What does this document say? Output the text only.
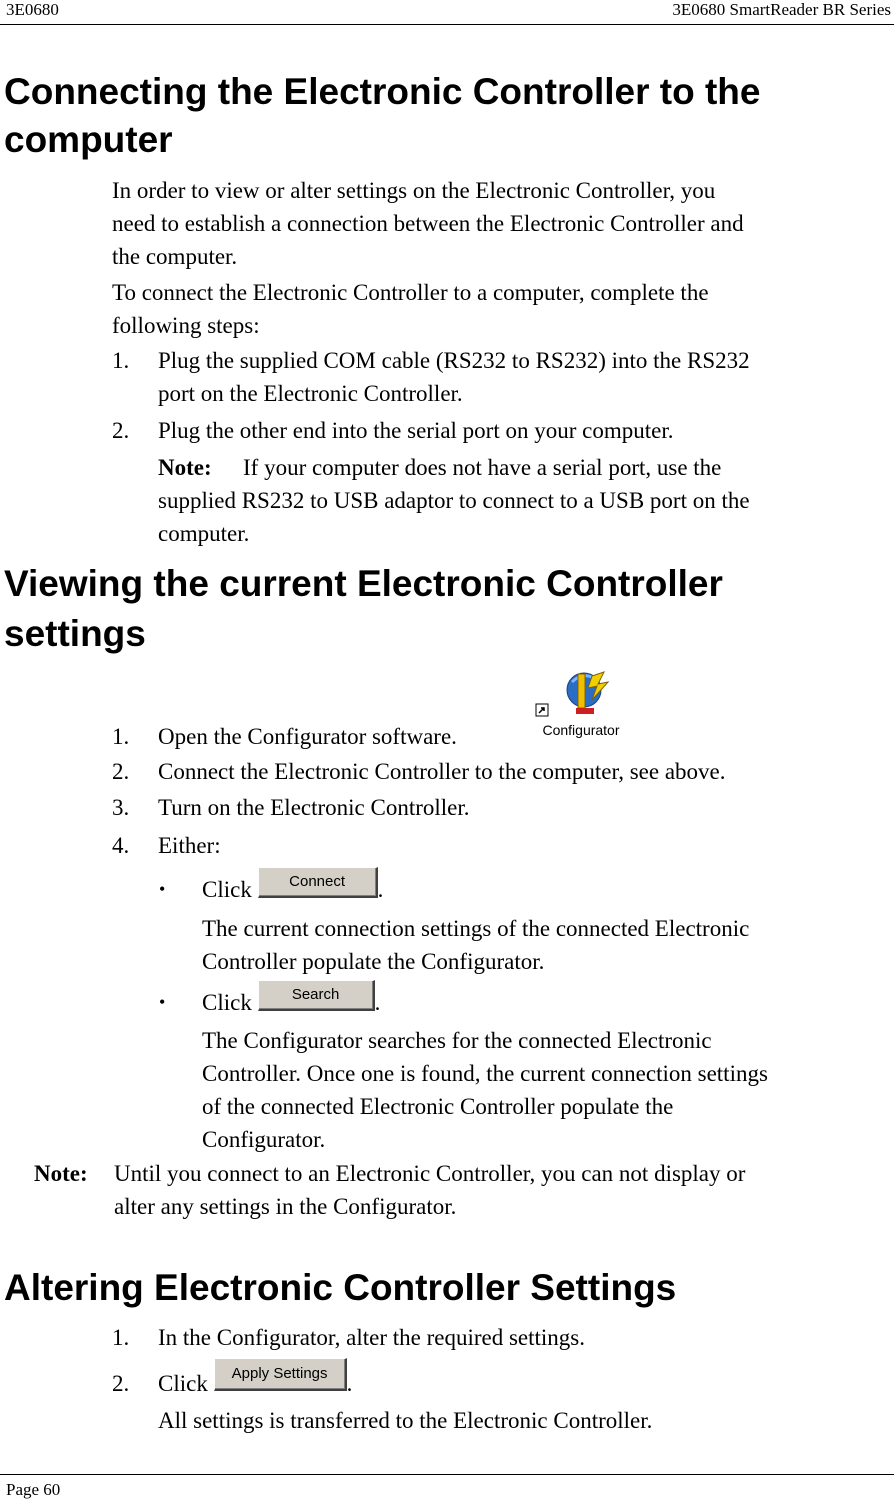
3E0680	3E0680 SmartReader BR Series
Connecting the Electronic Controller to the
computer
In order to view or alter settings on the Electronic Controller, you
need to establish a connection between the Electronic Controller and
the computer.
To connect the Electronic Controller to a computer, complete the
following steps:
1. Plug the supplied COM cable (RS232 to RS232) into the RS232
port on the Electronic Controller.
2. Plug the other end into the serial port on your computer.
Note: If your computer does not have a serial port, use the
supplied RS232 to USB adaptor to connect to a USB port on the
computer.
Viewing the current Electronic Controller
settings
1. Open the Configurator software.	Configurator
2. Connect the Electronic Controller to the computer, see above.
3. Turn on the Electronic Controller.
4. Either:
• Click Connect .
The current connection settings of the connected Electronic
Controller populate the Configurator.
• Click	Search .
The Configurator searches for the connected Electronic
Controller. Once one is found, the current connection settings
of the connected Electronic Controller populate the
Configurator.
Note: Until you connect to an Electronic Controller, you can not display or
alter any settings in the Configurator.
Altering Electronic Controller Settings
1. In the Configurator, alter the required settings.
2. Click Apply Settings .
All settings is transferred to the Electronic Controller.
Page 60
